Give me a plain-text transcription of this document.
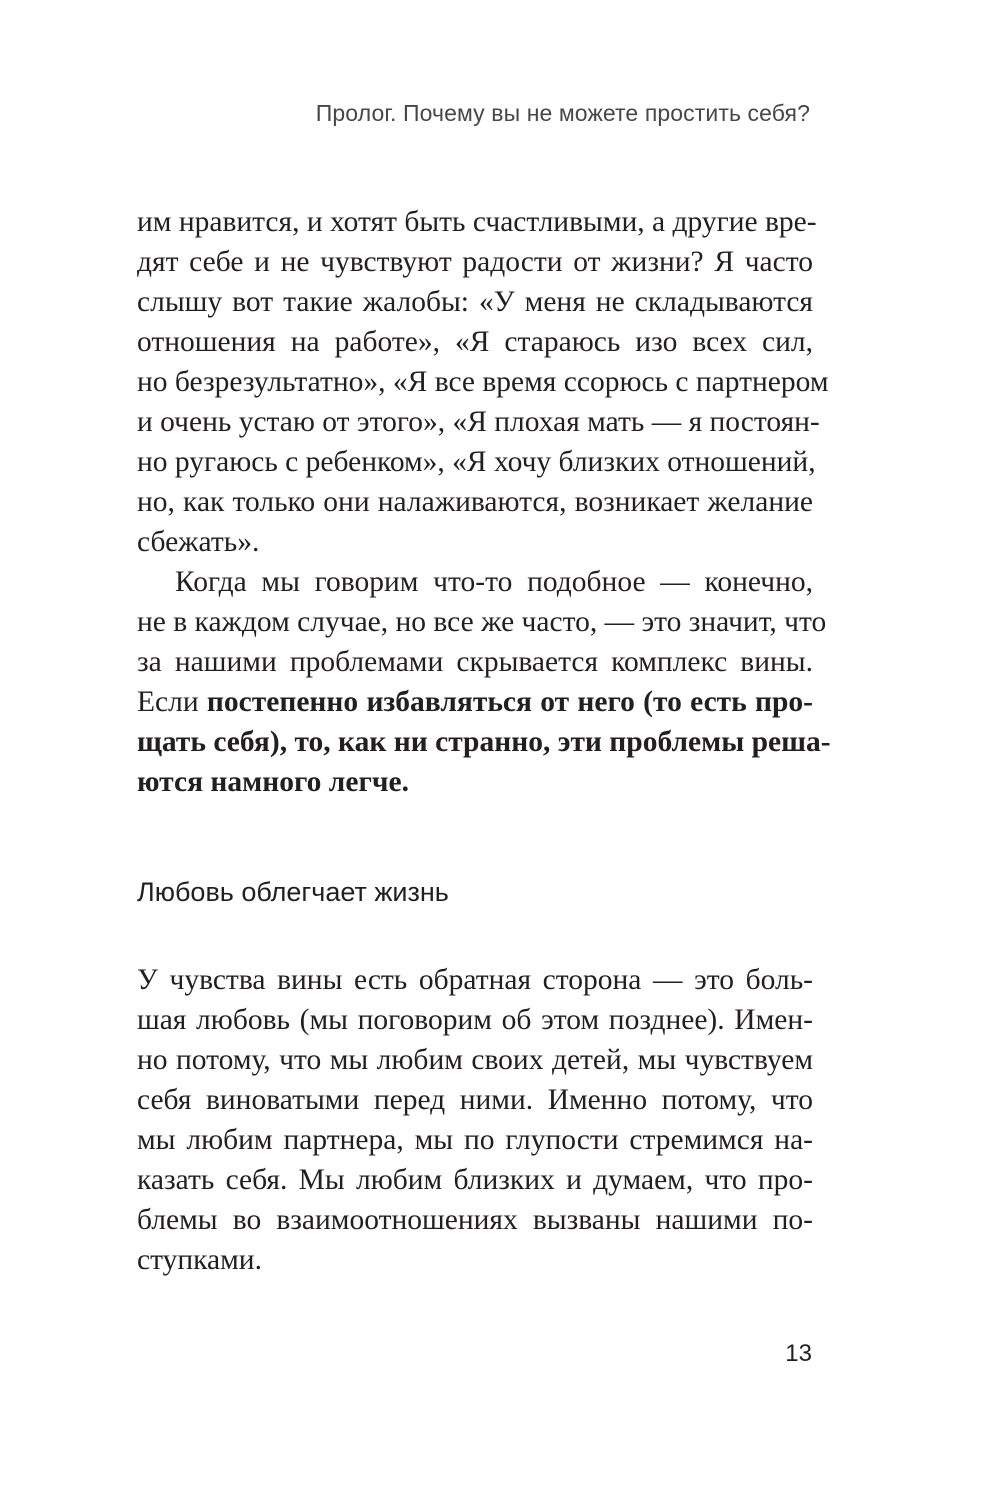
Пролог. Почему вы не можете простить себя?
им нравится, и хотят быть счастливыми, а другие вре-
дят себе и не чувствуют радости от жизни? Я часто
слышу вот такие жалобы: «У меня не складываются
отношения на работе», «Я стараюсь изо всех сил,
но безрезультатно», «Я все время ссорюсь с партнером
и очень устаю от этого», «Я плохая мать — я постоян-
но ругаюсь с ребенком», «Я хочу близких отношений,
но, как только они налаживаются, возникает желание
сбежать».
Когда мы говорим что-то подобное — конечно,
не в каждом случае, но все же часто, — это значит, что
за нашими проблемами скрывается комплекс вины.
Если постепенно избавляться от него (то есть про-
щать себя), то, как ни странно, эти проблемы реша-
ются намного легче.
Любовь облегчает жизнь
У чувства вины есть обратная сторона — это боль-
шая любовь (мы поговорим об этом позднее). Имен-
но потому, что мы любим своих детей, мы чувствуем
себя виноватыми перед ними. Именно потому, что
мы любим партнера, мы по глупости стремимся на-
казать себя. Мы любим близких и думаем, что про-
блемы во взаимоотношениях вызваны нашими по-
ступками.
13
